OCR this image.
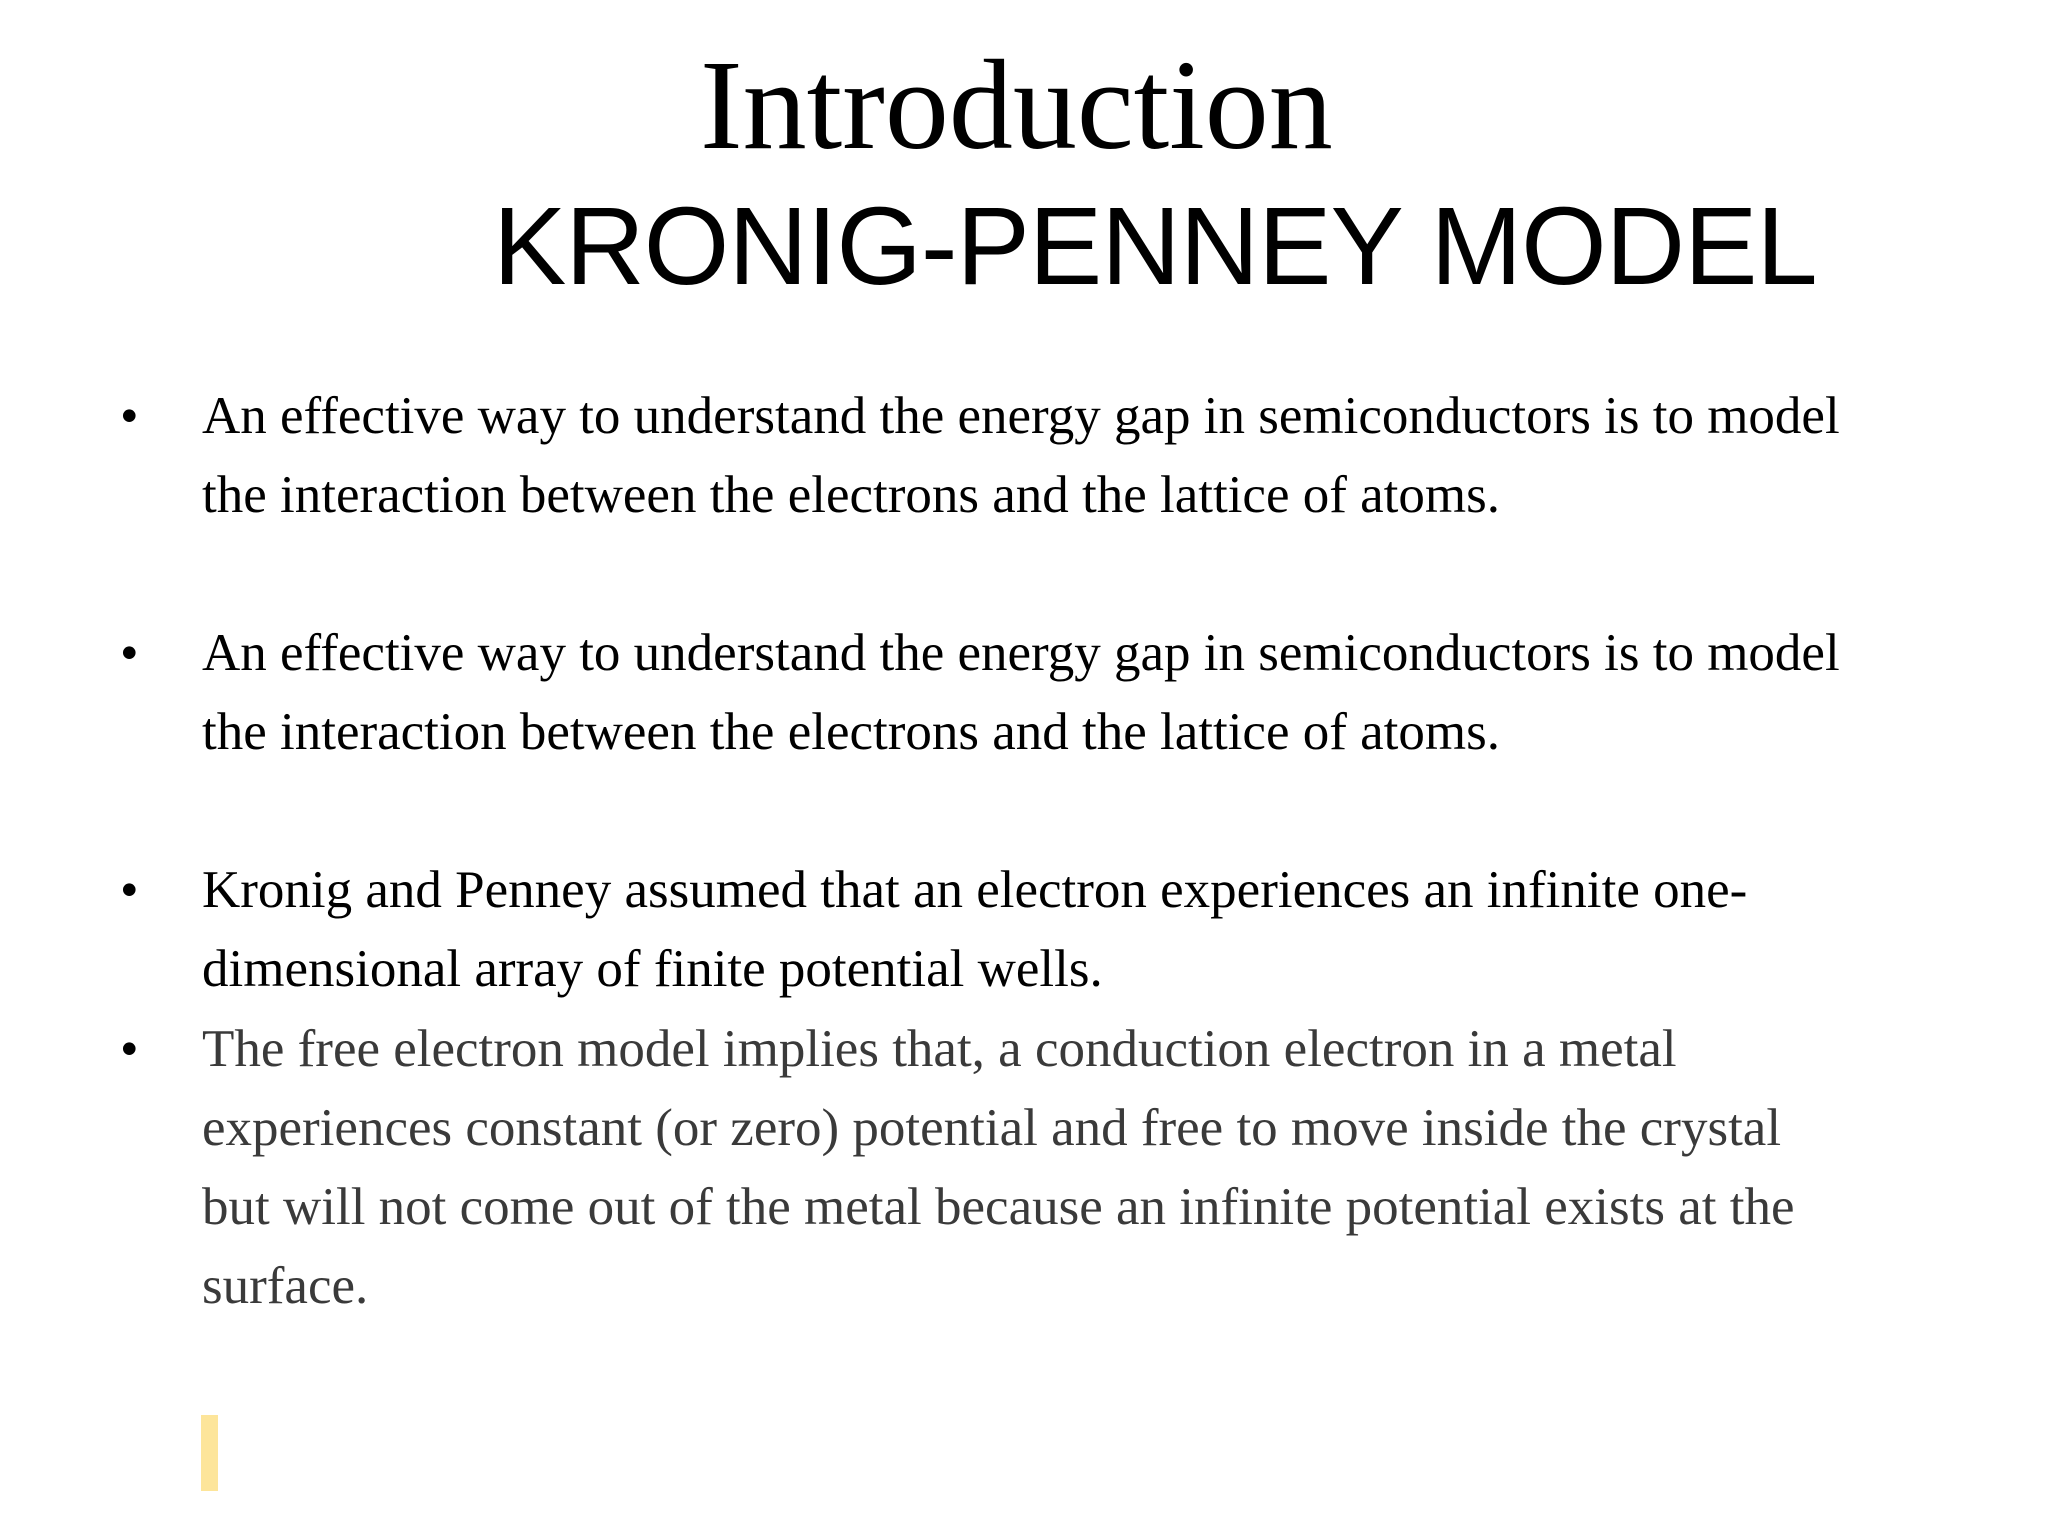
Introduction
KRONIG-PENNEY MODEL
•	An effective way to understand the energy gap in semiconductors is to model
the interaction between the electrons and the lattice of atoms.
•	An effective way to understand the energy gap in semiconductors is to model
the interaction between the electrons and the lattice of atoms.
•	Kronig and Penney assumed that an electron experiences an infinite one-
dimensional array of finite potential wells.
•	The free electron model implies that, a conduction electron in a metal
experiences constant (or zero) potential and free to move inside the crystal
but will not come out of the metal because an infinite potential exists at the
surface.
